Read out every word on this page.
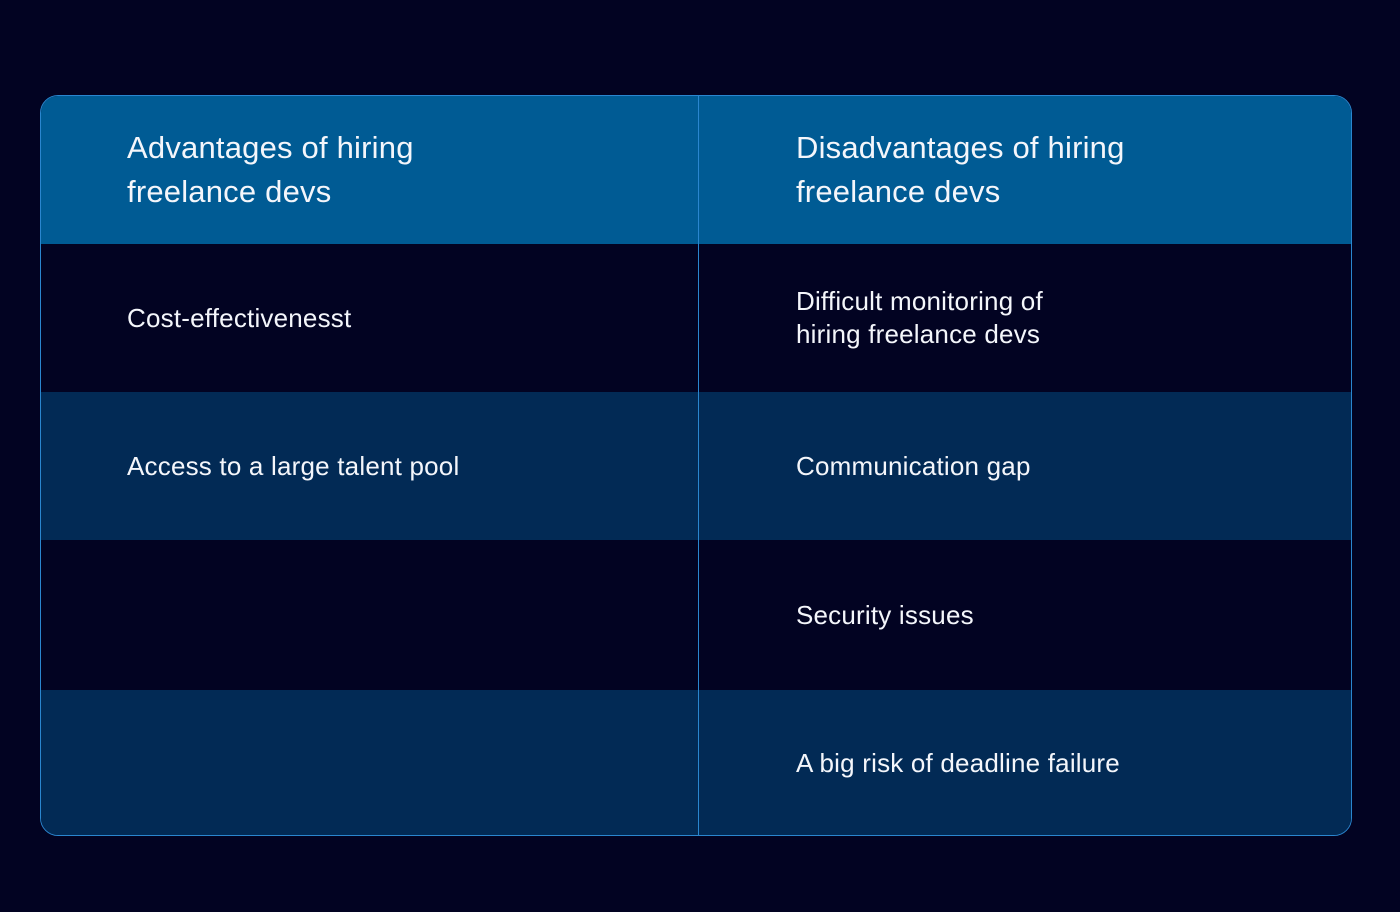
Advantages of hiring
freelance devs
Disadvantages of hiring
freelance devs
Cost-effectivenesst
Difficult monitoring of
hiring freelance devs
Access to a large talent pool	Communication gap
Security issues
A big risk of deadline failure
